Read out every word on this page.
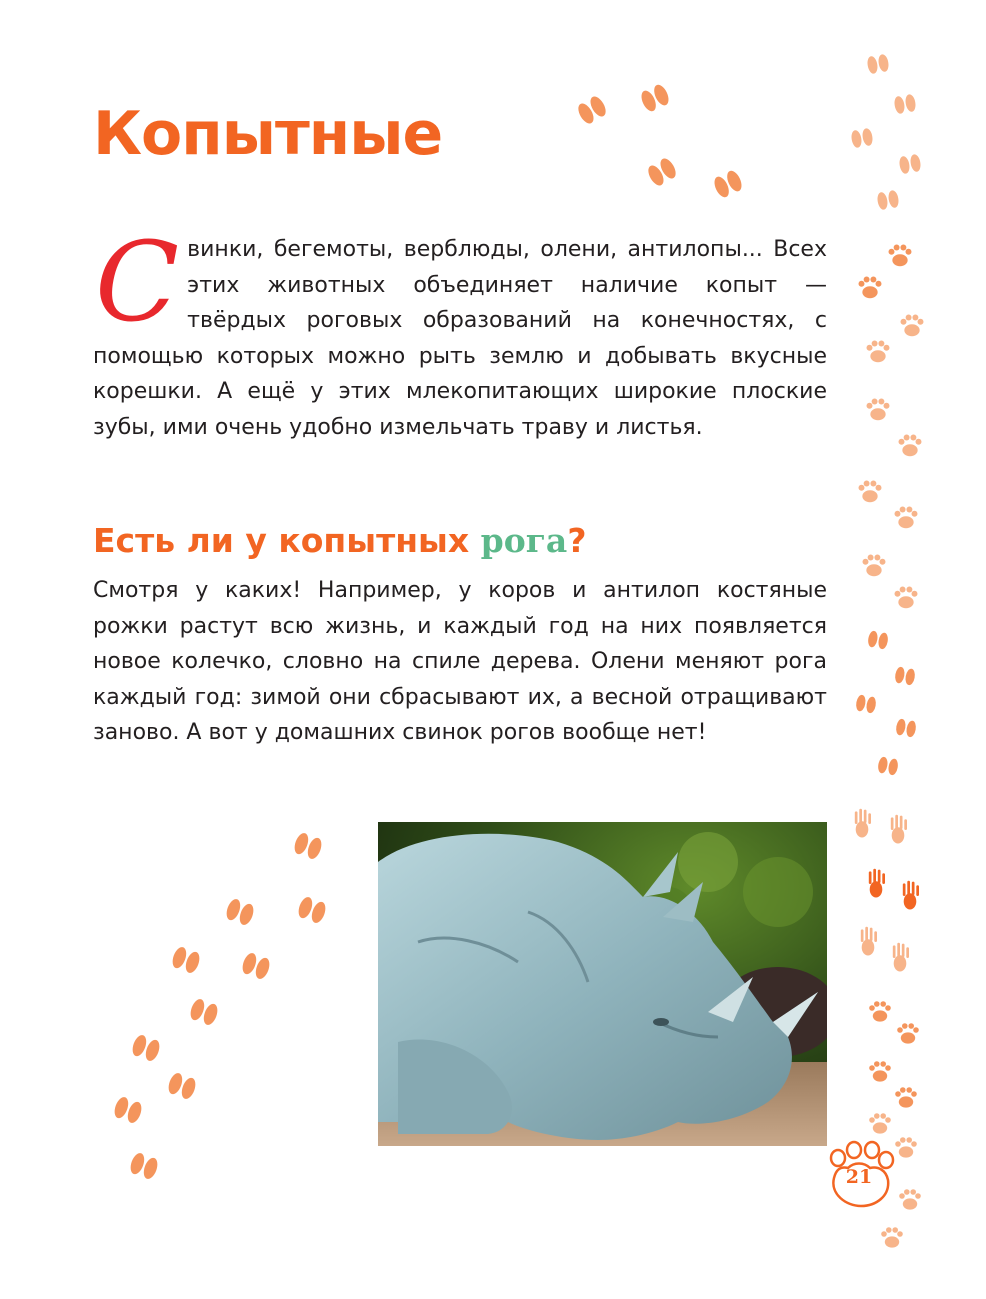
Копытные

Свинки, бегемоты, верблюды, олени, антилопы... Всех этих животных объединяет наличие копыт — твёрдых роговых образований на конечностях, с помощью которых можно рыть землю и добывать вкусные корешки. А ещё у этих млекопитающих широкие плоские зубы, ими очень удобно измельчать траву и листья.

Есть ли у копытных рога?

Смотря у каких! Например, у коров и антилоп костяные рожки растут всю жизнь, и каждый год на них появляется новое колечко, словно на спиле дерева. Олени меняют рога каждый год: зимой они сбрасывают их, а весной отращивают заново. А вот у домашних свинок рогов вообще нет!

21
